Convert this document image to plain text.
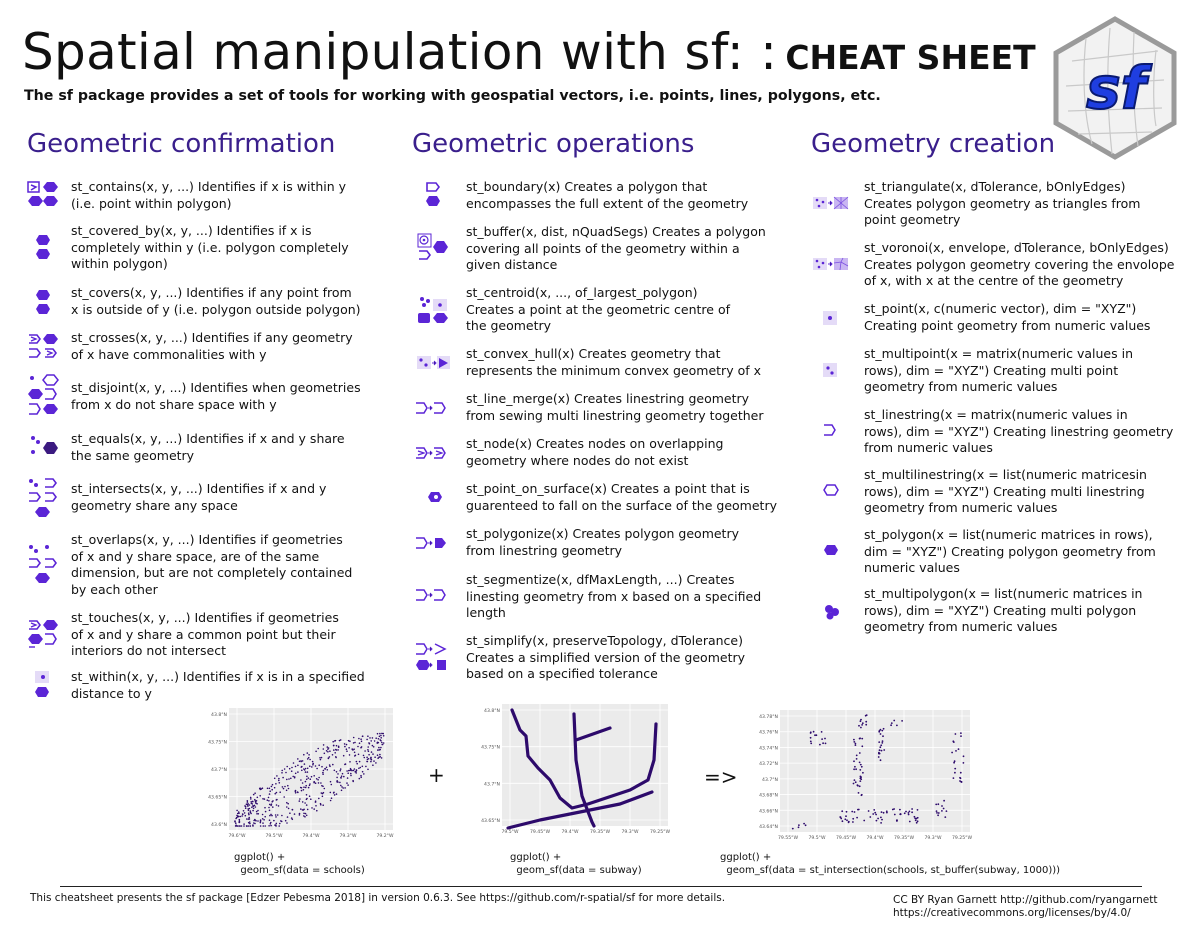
Spatial manipulation with sf: : CHEAT SHEET
The sf package provides a set of tools for working with geospatial vectors, i.e. points, lines, polygons, etc.	sf
Geometric confirmation	Geometric operations	Geometry creation
st_contains(x, y, ...) Identifies if x is within y
(i.e. point within polygon)
st_covered_by(x, y, ...) Identifies if x is
completely within y (i.e. polygon completely
within polygon)
st_covers(x, y, ...) Identifies if any point from
x is outside of y (i.e. polygon outside polygon)
st_crosses(x, y, ...) Identifies if any geometry
of x have commonalities with y
st_disjoint(x, y, ...) Identifies when geometries
from x do not share space with y
st_equals(x, y, ...) Identifies if x and y share
the same geometry
st_intersects(x, y, ...) Identifies if x and y
geometry share any space
st_overlaps(x, y, ...) Identifies if geometries
of x and y share space, are of the same
dimension, but are not completely contained
by each other
st_touches(x, y, ...) Identifies if geometries
of x and y share a common point but their
interiors do not intersect
st_within(x, y, ...) Identifies if x is in a specified
distance to y
st_boundary(x) Creates a polygon that
encompasses the full extent of the geometry
st_buffer(x, dist, nQuadSegs) Creates a polygon
covering all points of the geometry within a
given distance
st_centroid(x, ..., of_largest_polygon)
Creates a point at the geometric centre of
the geometry
st_convex_hull(x) Creates geometry that
represents the minimum convex geometry of x
st_line_merge(x) Creates linestring geometry
from sewing multi linestring geometry together
st_node(x) Creates nodes on overlapping
geometry where nodes do not exist
st_point_on_surface(x) Creates a point that is
guarenteed to fall on the surface of the geometry
st_polygonize(x) Creates polygon geometry
from linestring geometry
st_segmentize(x, dfMaxLength, ...) Creates
linesting geometry from x based on a specified
length
st_simplify(x, preserveTopology, dTolerance)
Creates a simplified version of the geometry
based on a specified tolerance
st_triangulate(x, dTolerance, bOnlyEdges)
Creates polygon geometry as triangles from
point geometry
st_voronoi(x, envelope, dTolerance, bOnlyEdges)
Creates polygon geometry covering the envolope
of x, with x at the centre of the geometry
st_point(x, c(numeric vector), dim = "XYZ")
Creating point geometry from numeric values
st_multipoint(x = matrix(numeric values in
rows), dim = "XYZ") Creating multi point
geometry from numeric values
st_linestring(x = matrix(numeric values in
rows), dim = "XYZ") Creating linestring geometry
from numeric values
st_multilinestring(x = list(numeric matricesin
rows), dim = "XYZ") Creating multi linestring
geometry from numeric values
st_polygon(x = list(numeric matrices in rows),
dim = "XYZ") Creating polygon geometry from
numeric values
st_multipolygon(x = list(numeric matrices in
rows), dim = "XYZ") Creating multi polygon
geometry from numeric values
43.8°N
43.75°N
43.7°N
43.65°N
43.6°N
79.6°W	79.5°W	79.4°W	79.3°W	79.2°W
ggplot() +
geom_sf(data = schools)
+
43.8°N
43.75°N
43.7°N
43.65°N
79.5°W 79.45°W 79.4°W 79.35°W 79.3°W 79.25°W
ggplot() +
geom_sf(data = subway)
=>
43.78°N
43.76°N
43.74°N
43.72°N
43.7°N
43.68°N
43.66°N
43.64°N
79.55°W 79.5°W 79.45°W 79.4°W 79.35°W 79.3°W 79.25°W
ggplot() +
geom_sf(data = st_intersection(schools, st_buffer(subway, 1000)))
This cheatsheet presents the sf package [Edzer Pebesma 2018] in version 0.6.3. See https://github.com/r-spatial/sf for more details.	CC BY Ryan Garnett http://github.com/ryangarnett
https://creativecommons.org/licenses/by/4.0/
